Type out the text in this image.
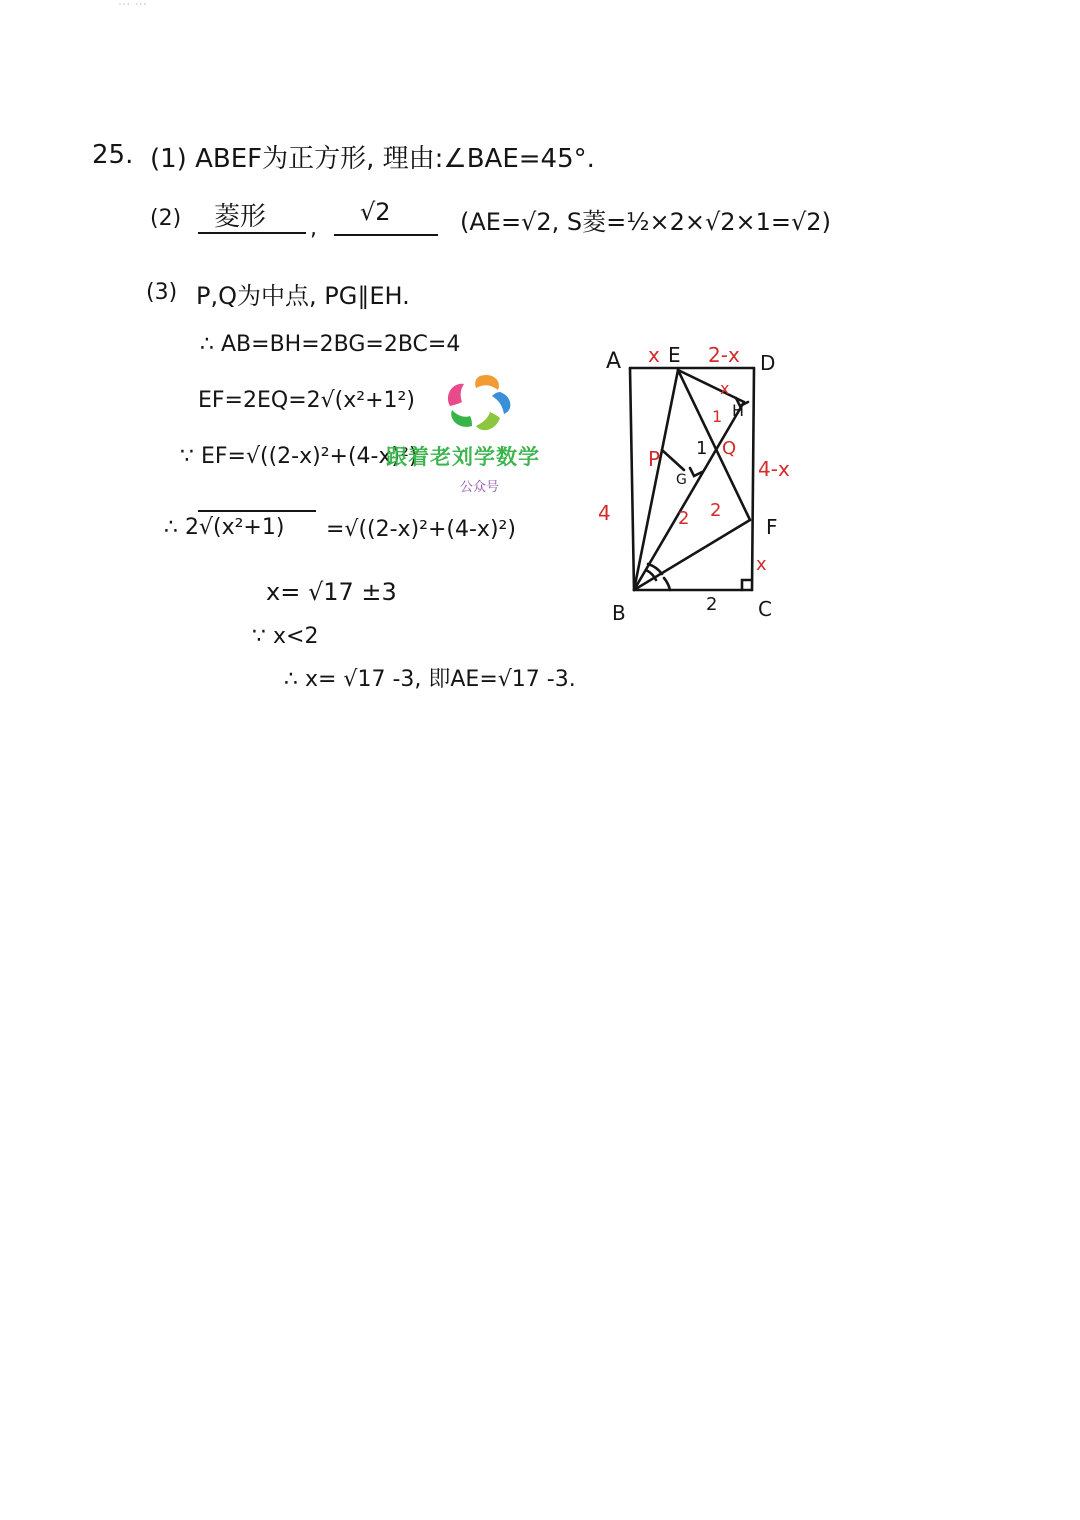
... ...
25. (1) ABEF为正方形, 理由:∠BAE=45°.
(2) 菱形 ,
√2	(AE=√2, S菱=½×2×√2×1=√2)
(3) P,Q为中点, PG∥EH.
∴ AB=BH=2BG=2BC=4
EF=2EQ=2√(x²+1²)
∵ EF=√((2-x)²+(4-x)²)
∴ 2√(x²+1) =√((2-x)²+(4-x)²)
x= √17 ±3
∵ x<2
∴ x= √17 -3, 即AE=√17 -3.
跟着老刘学数学
公众号
A E	D
H
G
F
B	C
2
1
x 2-x
x
1
Q
P	4-x
4	2 2
x
